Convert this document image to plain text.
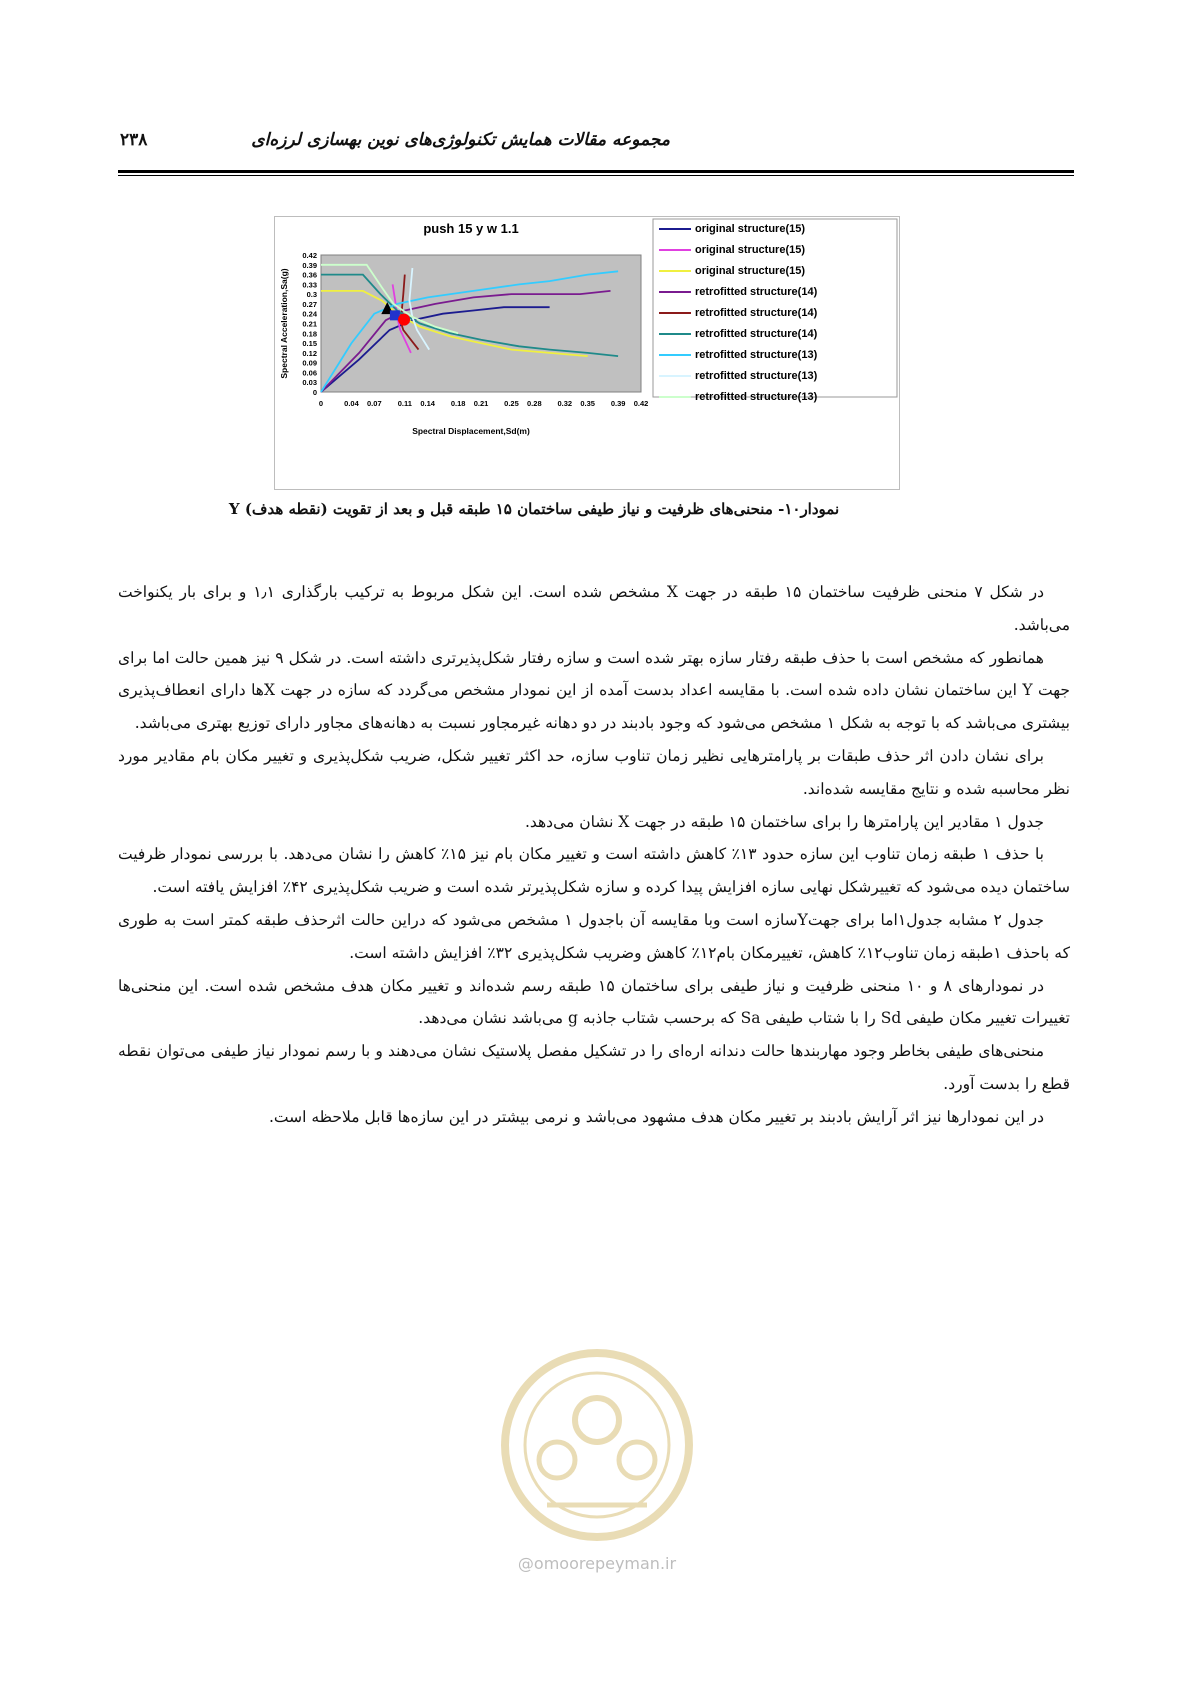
مجموعه مقالات همایش تکنولوژی‌های نوین بهسازی لرزه‌ای
۲۳۸
push 15 y w 1.1
0
0.03
0.06
0.09
0.12
0.15
0.18
0.21
0.24
0.27
0.3
0.33
0.36
0.39
0.42
0	0.04 0.07 0.11 0.14 0.18 0.21 0.25 0.28 0.32 0.35 0.39 0.42
Spectral Displacement,Sd(m)
Spectral Acceleration,Sa(g)
original structure(15)
original structure(15)
original structure(15)
retrofitted structure(14)
retrofitted structure(14)
retrofitted structure(14)
retrofitted structure(13)
retrofitted structure(13)
retrofitted structure(13)
نمودار۱۰- منحنی‌های ظرفیت و نیاز طیفی ساختمان ۱۵ طبقه قبل و بعد از تقویت (نقطه هدف) Y

در شکل ۷ منحنی ظرفیت ساختمان ۱۵ طبقه در جهت X مشخص شده است. این شکل مربوط به ترکیب بارگذاری ۱٫۱ و برای بار یکنواخت می‌باشد.

همانطور که مشخص است با حذف طبقه رفتار سازه بهتر شده است و سازه رفتار شکل‌پذیرتری داشته است. در شکل ۹ نیز همین حالت اما برای جهت Y این ساختمان نشان داده شده است. با مقایسه اعداد بدست آمده از این نمودار مشخص می‌گردد که سازه در جهت Xها دارای انعطاف‌پذیری بیشتری می‌باشد که با توجه به شکل ۱ مشخص می‌شود که وجود بادبند در دو دهانه غیرمجاور نسبت به دهانه‌های مجاور دارای توزیع بهتری می‌باشد.

برای نشان دادن اثر حذف طبقات بر پارامترهایی نظیر زمان تناوب سازه، حد اکثر تغییر شکل، ضریب شکل‌پذیری و تغییر مکان بام مقادیر مورد نظر محاسبه شده و نتایج مقایسه شده‌اند.

جدول ۱ مقادیر این پارامترها را برای ساختمان ۱۵ طبقه در جهت X نشان می‌دهد.

با حذف ۱ طبقه زمان تناوب این سازه حدود ۱۳٪ کاهش داشته است و تغییر مکان بام نیز ۱۵٪ کاهش را نشان می‌دهد. با بررسی نمودار ظرفیت ساختمان دیده می‌شود که تغییرشکل نهایی سازه افزایش پیدا کرده و سازه شکل‌پذیرتر شده است و ضریب شکل‌پذیری ۴۲٪ افزایش یافته است.

جدول ۲ مشابه جدول۱اما برای جهتYسازه است وبا مقایسه آن باجدول ۱ مشخص می‌شود که دراین حالت اثرحذف طبقه کمتر است به طوری که باحذف ۱طبقه زمان تناوب۱۲٪ کاهش، تغییرمکان بام۱۲٪ کاهش وضریب شکل‌پذیری ۳۲٪ افزایش داشته است.

در نمودارهای ۸ و ۱۰ منحنی ظرفیت و نیاز طیفی برای ساختمان ۱۵ طبقه رسم شده‌اند و تغییر مکان هدف مشخص شده است. این منحنی‌ها تغییرات تغییر مکان طیفی Sd را با شتاب طیفی Sa که برحسب شتاب جاذبه g می‌باشد نشان می‌دهد.

منحنی‌های طیفی بخاطر وجود مهاربندها حالت دندانه اره‌ای را در تشکیل مفصل پلاستیک نشان می‌دهند و با رسم نمودار نیاز طیفی می‌توان نقطه قطع را بدست آورد.

در این نمودارها نیز اثر آرایش بادبند بر تغییر مکان هدف مشهود می‌باشد و نرمی بیشتر در این سازه‌ها قابل ملاحظه است.

@omoorepeyman.ir
